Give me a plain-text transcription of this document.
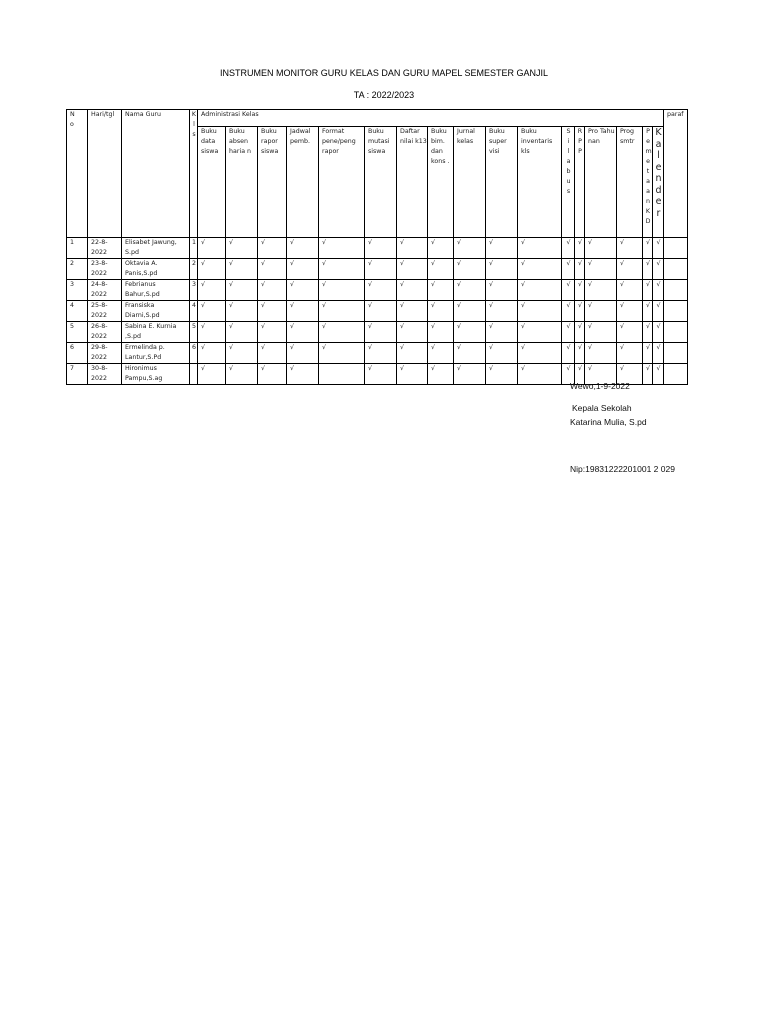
INSTRUMEN MONITOR GURU KELAS DAN GURU MAPEL SEMESTER GANJIL
TA : 2022/2023
N o	Hari/tgl	Nama Guru	K l s	Administrasi Kelas																	paraf
				Buku data siswa	Buku absen haria n	Buku rapor siswa	Jadwal pemb.	Format pene/peng rapor	Buku mutasi siswa	Daftar nilai k13	Buku bim. dan kons .	Jurnal kelas	Buku super visi	Buku inventaris kls	S i l a b u s	R P P	Pro Tahu nan	Prog smtr	P e m e t a a n K D	K a l e n d e r	

1	22-8-2022	Elisabet Jawung, S.pd	1	√	√	√	√	√	√	√	√	√	√	√	√	√	√	√	√	√	
2	23-8-2022	Oktavia A. Panis,S.pd	2	√	√	√	√	√	√	√	√	√	√	√	√	√	√	√	√	√	
3	24-8-2022	Febrianus Bahur,S.pd	3	√	√	√	√	√	√	√	√	√	√	√	√	√	√	√	√	√	
4	25-8-2022	Fransiska Diarni,S.pd	4	√	√	√	√	√	√	√	√	√	√	√	√	√	√	√	√	√	
5	26-8-2022	Sabina E. Kurnia ,S.pd	5	√	√	√	√	√	√	√	√	√	√	√	√	√	√	√	√	√	
6	29-8-2022	Ermelinda p. Lantur,S.Pd	6	√	√	√	√	√	√	√	√	√	√	√	√	√	√	√	√	√	
7	30-8-2022	Hironimus Pampu,S.ag		√	√	√	√		√	√	√	√	√	√	√	√	√	√	√	√	
Wewo,1-9-2022
Kepala Sekolah
Katarina Mulia, S.pd
Nip:19831222201001 2 029
